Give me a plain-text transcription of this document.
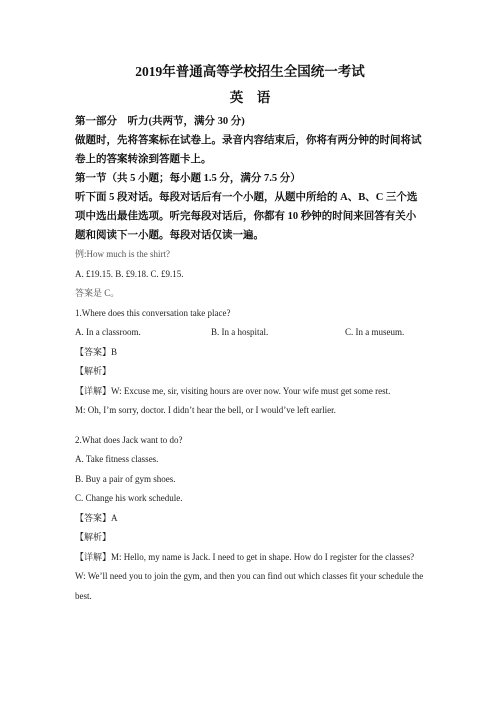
2019年普通高等学校招生全国统一考试

英　语

第一部分　听力(共两节，满分 30 分)

做题时，先将答案标在试卷上。录音内容结束后，你将有两分钟的时间将试卷上的答案转涂到答题卡上。

第一节（共 5 小题；每小题 1.5 分，满分 7.5 分）

听下面 5 段对话。每段对话后有一个小题，从题中所给的 A、B、C 三个选项中选出最佳选项。听完每段对话后，你都有 10 秒钟的时间来回答有关小题和阅读下一小题。每段对话仅读一遍。

例:How much is the shirt?

A. £19.15. B. £9.18. C. £9.15.

答案是 C。

1.Where does this conversation take place?

A. In a classroom.	B. In a hospital.	C. In a museum.

【答案】B

【解析】

【详解】W: Excuse me, sir, visiting hours are over now. Your wife must get some rest.

M: Oh, I’m sorry, doctor. I didn’t hear the bell, or I would’ve left earlier.

2.What does Jack want to do?

A. Take fitness classes.

B. Buy a pair of gym shoes.

C. Change his work schedule.

【答案】A

【解析】

【详解】M: Hello, my name is Jack. I need to get in shape. How do I register for the classes?

W: We’ll need you to join the gym, and then you can find out which classes fit your schedule the best.
